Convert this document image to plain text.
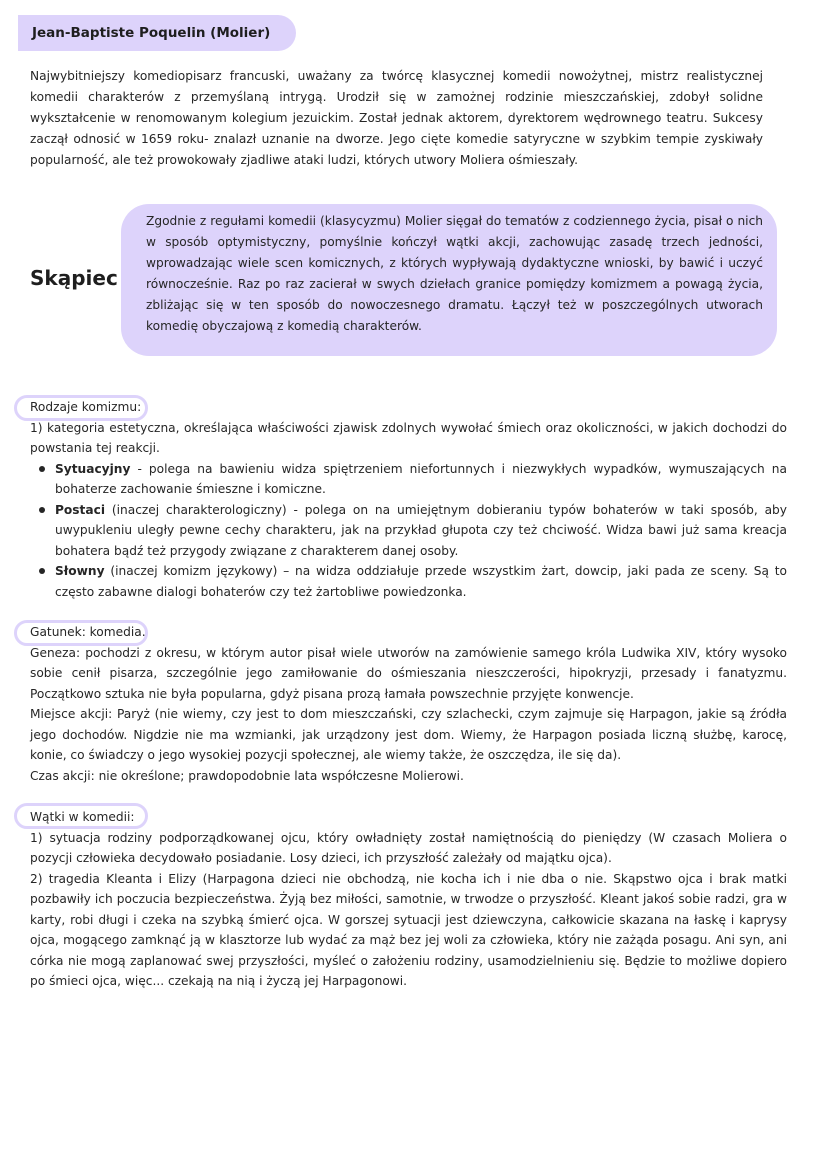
Jean-Baptiste Poquelin (Molier)

Najwybitniejszy komediopisarz francuski, uważany za twórcę klasycznej komedii nowożytnej, mistrz realistycznej komedii charakterów z przemyślaną intrygą. Urodził się w zamożnej rodzinie mieszczańskiej, zdobył solidne wykształcenie w renomowanym kolegium jezuickim. Został jednak aktorem, dyrektorem wędrownego teatru. Sukcesy zaczął odnosić w 1659 roku- znalazł uznanie na dworze. Jego cięte komedie satyryczne w szybkim tempie zyskiwały popularność, ale też prowokowały zjadliwe ataki ludzi, których utwory Moliera ośmieszały.

Skąpiec

Zgodnie z regułami komedii (klasycyzmu) Molier sięgał do tematów z codziennego życia, pisał o nich w sposób optymistyczny, pomyślnie kończył wątki akcji, zachowując zasadę trzech jedności, wprowadzając wiele scen komicznych, z których wypływają dydaktyczne wnioski, by bawić i uczyć równocześnie. Raz po raz zacierał w swych dziełach granice pomiędzy komizmem a powagą życia, zbliżając się w ten sposób do nowoczesnego dramatu. Łączył też w poszczególnych utworach komedię obyczajową z komedią charakterów.

Rodzaje komizmu:

1) kategoria estetyczna, określająca właściwości zjawisk zdolnych wywołać śmiech oraz okoliczności, w jakich dochodzi do powstania tej reakcji.

Sytuacyjny - polega na bawieniu widza spiętrzeniem niefortunnych i niezwykłych wypadków, wymuszających na bohaterze zachowanie śmieszne i komiczne.
Postaci (inaczej charakterologiczny) - polega on na umiejętnym dobieraniu typów bohaterów w taki sposób, aby uwypukleniu uległy pewne cechy charakteru, jak na przykład głupota czy też chciwość. Widza bawi już sama kreacja bohatera bądź też przygody związane z charakterem danej osoby.
Słowny (inaczej komizm językowy) – na widza oddziałuje przede wszystkim żart, dowcip, jaki pada ze sceny. Są to często zabawne dialogi bohaterów czy też żartobliwe powiedzonka.

Gatunek: komedia.

Geneza: pochodzi z okresu, w którym autor pisał wiele utworów na zamówienie samego króla Ludwika XIV, który wysoko sobie cenił pisarza, szczególnie jego zamiłowanie do ośmieszania nieszczerości, hipokryzji, przesady i fanatyzmu. Początkowo sztuka nie była popularna, gdyż pisana prozą łamała powszechnie przyjęte konwencje.

Miejsce akcji: Paryż (nie wiemy, czy jest to dom mieszczański, czy szlachecki, czym zajmuje się Harpagon, jakie są źródła jego dochodów. Nigdzie nie ma wzmianki, jak urządzony jest dom. Wiemy, że Harpagon posiada liczną służbę, karocę, konie, co świadczy o jego wysokiej pozycji społecznej, ale wiemy także, że oszczędza, ile się da).

Czas akcji: nie określone; prawdopodobnie lata współczesne Molierowi.

Wątki w komedii:

1) sytuacja rodziny podporządkowanej ojcu, który owładnięty został namiętnością do pieniędzy (W czasach Moliera o pozycji człowieka decydowało posiadanie. Losy dzieci, ich przyszłość zależały od majątku ojca).

2) tragedia Kleanta i Elizy (Harpagona dzieci nie obchodzą, nie kocha ich i nie dba o nie. Skąpstwo ojca i brak matki pozbawiły ich poczucia bezpieczeństwa. Żyją bez miłości, samotnie, w trwodze o przyszłość. Kleant jakoś sobie radzi, gra w karty, robi długi i czeka na szybką śmierć ojca. W gorszej sytuacji jest dziewczyna, całkowicie skazana na łaskę i kaprysy ojca, mogącego zamknąć ją w klasztorze lub wydać za mąż bez jej woli za człowieka, który nie zażąda posagu. Ani syn, ani córka nie mogą zaplanować swej przyszłości, myśleć o założeniu rodziny, usamodzielnieniu się. Będzie to możliwe dopiero po śmieci ojca, więc... czekają na nią i życzą jej Harpagonowi.
